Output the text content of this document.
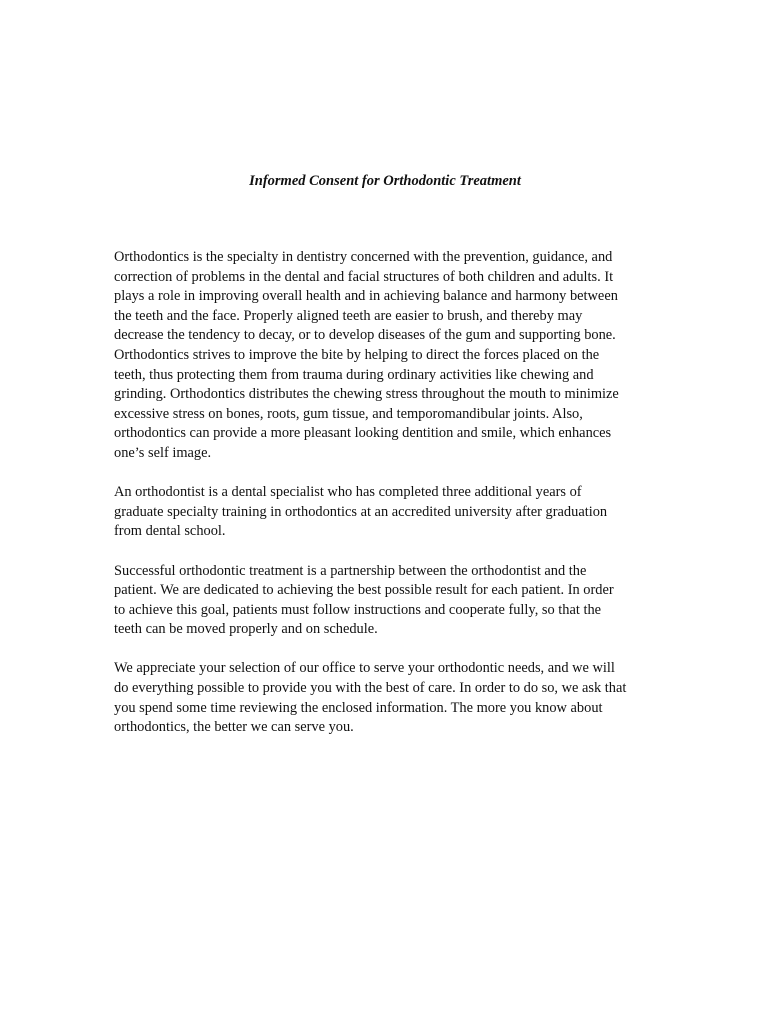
Informed Consent for Orthodontic Treatment

Orthodontics is the specialty in dentistry concerned with the prevention, guidance, and
correction of problems in the dental and facial structures of both children and adults. It
plays a role in improving overall health and in achieving balance and harmony between
the teeth and the face. Properly aligned teeth are easier to brush, and thereby may
decrease the tendency to decay, or to develop diseases of the gum and supporting bone.
Orthodontics strives to improve the bite by helping to direct the forces placed on the
teeth, thus protecting them from trauma during ordinary activities like chewing and
grinding. Orthodontics distributes the chewing stress throughout the mouth to minimize
excessive stress on bones, roots, gum tissue, and temporomandibular joints. Also,
orthodontics can provide a more pleasant looking dentition and smile, which enhances
one’s self image.

An orthodontist is a dental specialist who has completed three additional years of
graduate specialty training in orthodontics at an accredited university after graduation
from dental school.

Successful orthodontic treatment is a partnership between the orthodontist and the
patient. We are dedicated to achieving the best possible result for each patient. In order
to achieve this goal, patients must follow instructions and cooperate fully, so that the
teeth can be moved properly and on schedule.

We appreciate your selection of our office to serve your orthodontic needs, and we will
do everything possible to provide you with the best of care. In order to do so, we ask that
you spend some time reviewing the enclosed information. The more you know about
orthodontics, the better we can serve you.
